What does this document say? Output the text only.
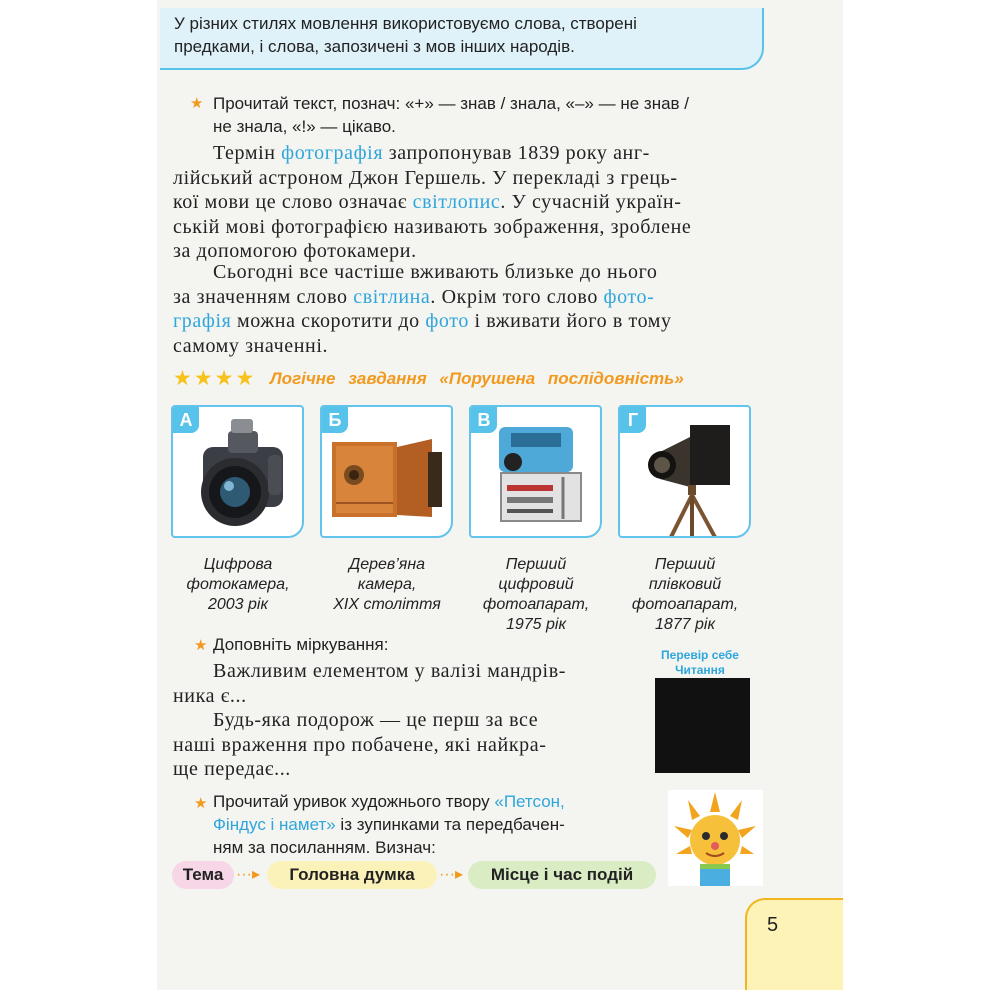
У різних стилях мовлення використовуємо слова, створені
предками, і слова, запозичені з мов інших народів.
★ Прочитай текст, познач: «+» — знав / знала, «–» — не знав /
не знала, «!» — цікаво.
Термін фотографія запропонував 1839 року анг-
лійський астроном Джон Гершель. У перекладі з грець-
кої мови це слово означає світлопис. У сучасній україн-
ській мові фотографією називають зображення, зроблене
за допомогою фотокамери.
Сьогодні все частіше вживають близьке до нього
за значенням слово світлина. Окрім того слово фото-
графія можна скоротити до фото і вживати його в тому
самому значенні.
★★★★ Логічне завдання «Порушена послідовність»
А	Б	В	Г
Цифрова
фотокамера,
2003 рік
Дерев’яна
камера,
XIX століття
Перший
цифровий
фотоапарат,
1975 рік
Перший
плівковий
фотоапарат,
1877 рік
★ Доповніть міркування:
Важливим елементом у валізі мандрів-
ника є...
Будь-яка подорож — це перш за все
наші враження про побачене, які найкра-
ще передає...
Перевір себе
Читання
★ Прочитай уривок художнього твору «Петсон,
Фіндус і намет» із зупинками та передбачен-
ням за посиланням. Визнач:
Тема ···▸	Головна думка	···▸	Місце і час подій
5
